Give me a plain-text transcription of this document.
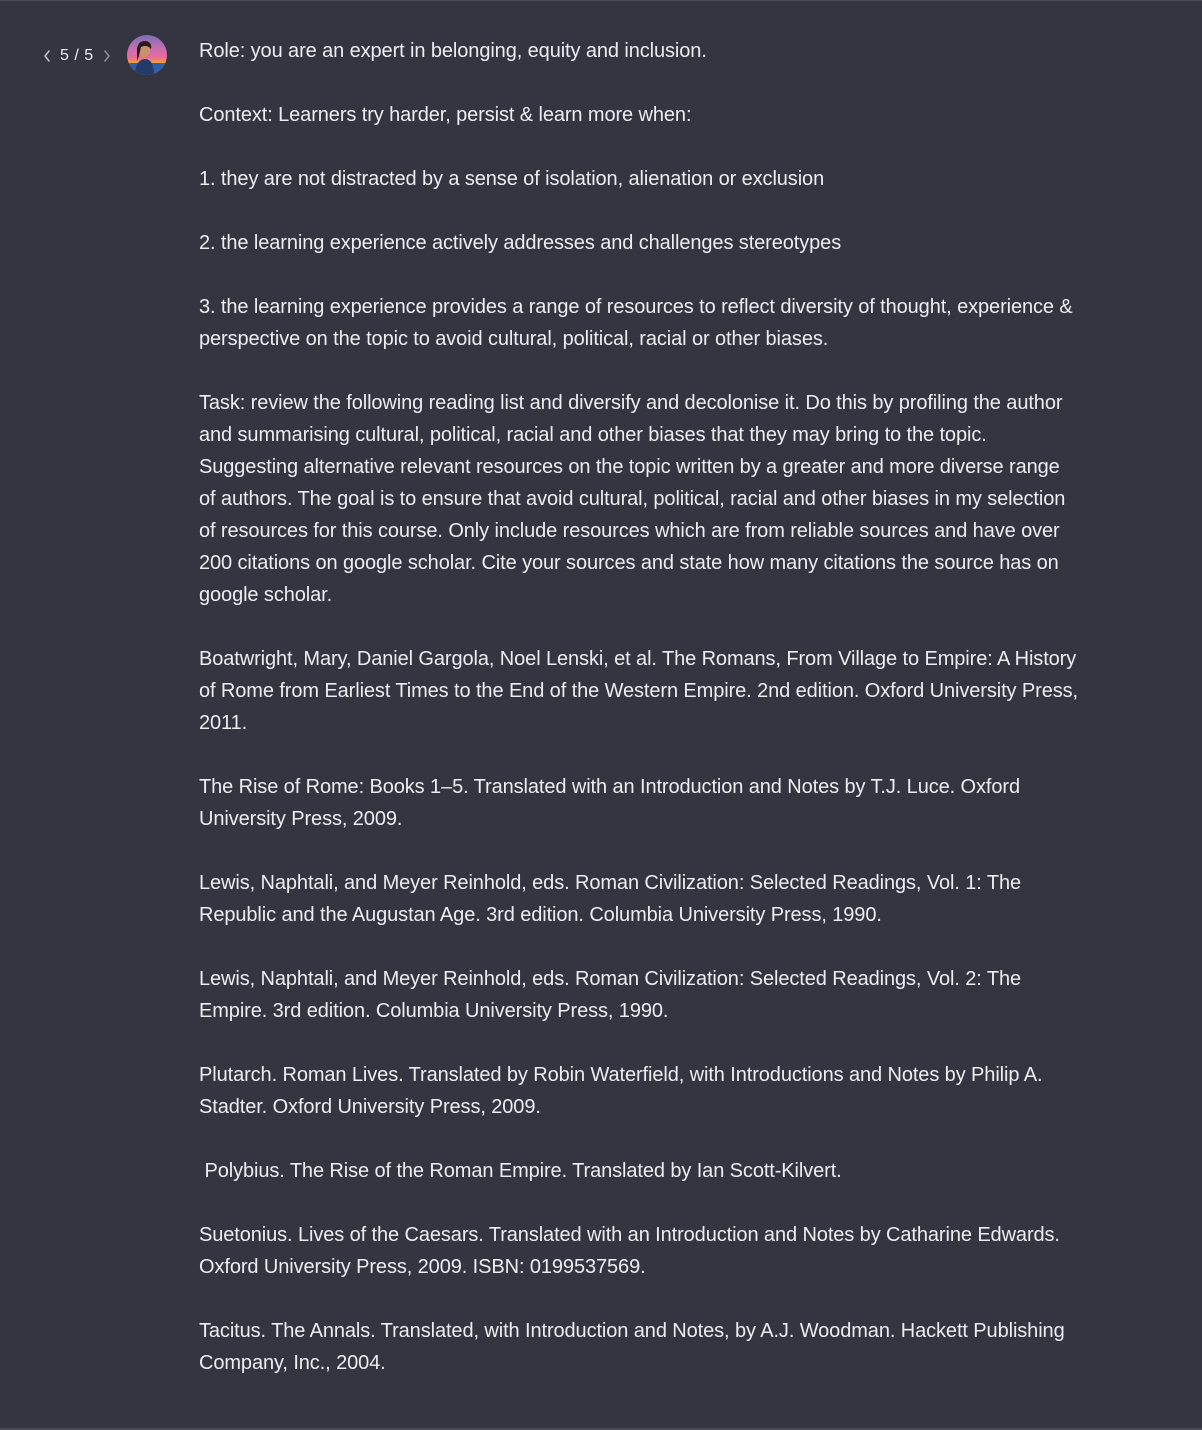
5 / 5	Role: you are an expert in belonging, equity and inclusion.

Context: Learners try harder, persist & learn more when:

1. they are not distracted by a sense of isolation, alienation or exclusion

2. the learning experience actively addresses and challenges stereotypes

3. the learning experience provides a range of resources to reflect diversity of thought, experience & perspective on the topic to avoid cultural, political, racial or other biases.

Task: review the following reading list and diversify and decolonise it. Do this by profiling the author and summarising cultural, political, racial and other biases that they may bring to the topic. Suggesting alternative relevant resources on the topic written by a greater and more diverse range of authors. The goal is to ensure that avoid cultural, political, racial and other biases in my selection of resources for this course. Only include resources which are from reliable sources and have over 200 citations on google scholar. Cite your sources and state how many citations the source has on google scholar.

Boatwright, Mary, Daniel Gargola, Noel Lenski, et al. The Romans, From Village to Empire: A History of Rome from Earliest Times to the End of the Western Empire. 2nd edition. Oxford University Press, 2011.

The Rise of Rome: Books 1–5. Translated with an Introduction and Notes by T.J. Luce. Oxford University Press, 2009.

Lewis, Naphtali, and Meyer Reinhold, eds. Roman Civilization: Selected Readings, Vol. 1: The Republic and the Augustan Age. 3rd edition. Columbia University Press, 1990.

Lewis, Naphtali, and Meyer Reinhold, eds. Roman Civilization: Selected Readings, Vol. 2: The Empire. 3rd edition. Columbia University Press, 1990.

Plutarch. Roman Lives. Translated by Robin Waterfield, with Introductions and Notes by Philip A. Stadter. Oxford University Press, 2009.

Polybius. The Rise of the Roman Empire. Translated by Ian Scott-Kilvert.

Suetonius. Lives of the Caesars. Translated with an Introduction and Notes by Catharine Edwards. Oxford University Press, 2009. ISBN: 0199537569.

Tacitus. The Annals. Translated, with Introduction and Notes, by A.J. Woodman. Hackett Publishing Company, Inc., 2004.
